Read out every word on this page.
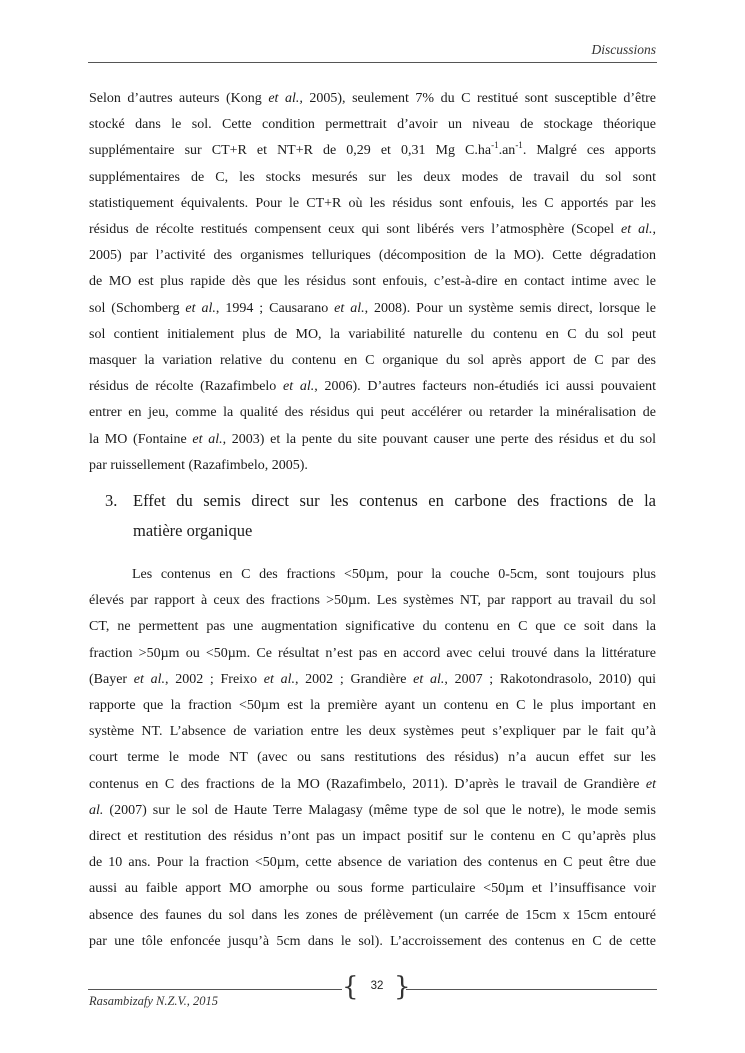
Discussions
Selon d’autres auteurs (Kong et al., 2005), seulement 7% du C restitué sont susceptible d’être
stocké dans le sol. Cette condition permettrait d’avoir un niveau de stockage théorique
supplémentaire sur CT+R et NT+R de 0,29 et 0,31 Mg $C.ha^{-1}.an^{-1}$. Malgré ces apports
supplémentaires de C, les stocks mesurés sur les deux modes de travail du sol sont
statistiquement équivalents. Pour le CT+R où les résidus sont enfouis, les C apportés par les
résidus de récolte restitués compensent ceux qui sont libérés vers l’atmosphère (Scopel et al.,
2005) par l’activité des organismes telluriques (décomposition de la MO). Cette dégradation
de MO est plus rapide dès que les résidus sont enfouis, c’est-à-dire en contact intime avec le
sol (Schomberg et al., 1994 ; Causarano et al., 2008). Pour un système semis direct, lorsque le
sol contient initialement plus de MO, la variabilité naturelle du contenu en C du sol peut
masquer la variation relative du contenu en C organique du sol après apport de C par des
résidus de récolte (Razafimbelo et al., 2006). D’autres facteurs non-étudiés ici aussi pouvaient
entrer en jeu, comme la qualité des résidus qui peut accélérer ou retarder la minéralisation de
la MO (Fontaine et al., 2003) et la pente du site pouvant causer une perte des résidus et du sol
par ruissellement (Razafimbelo, 2005).
3. Effet du semis direct sur les contenus en carbone des fractions de la
matière organique
Les contenus en C des fractions <50µm, pour la couche 0-5cm, sont toujours plus
élevés par rapport à ceux des fractions >50µm. Les systèmes NT, par rapport au travail du sol
CT, ne permettent pas une augmentation significative du contenu en C que ce soit dans la
fraction >50µm ou <50µm. Ce résultat n’est pas en accord avec celui trouvé dans la littérature
(Bayer et al., 2002 ; Freixo et al., 2002 ; Grandière et al., 2007 ; Rakotondrasolo, 2010) qui
rapporte que la fraction <50µm est la première ayant un contenu en C le plus important en
système NT. L’absence de variation entre les deux systèmes peut s’expliquer par le fait qu’à
court terme le mode NT (avec ou sans restitutions des résidus) n’a aucun effet sur les
contenus en C des fractions de la MO (Razafimbelo, 2011). D’après le travail de Grandière et
al. (2007) sur le sol de Haute Terre Malagasy (même type de sol que le notre), le mode semis
direct et restitution des résidus n’ont pas un impact positif sur le contenu en C qu’après plus
de 10 ans. Pour la fraction <50µm, cette absence de variation des contenus en C peut être due
aussi au faible apport MO amorphe ou sous forme particulaire <50µm et l’insuffisance voir
absence des faunes du sol dans les zones de prélèvement (un carrée de 15cm x 15cm entouré
par une tôle enfoncée jusqu’à 5cm dans le sol). L’accroissement des contenus en C de cette
{ }
32
Rasambizafy N.Z.V., 2015
